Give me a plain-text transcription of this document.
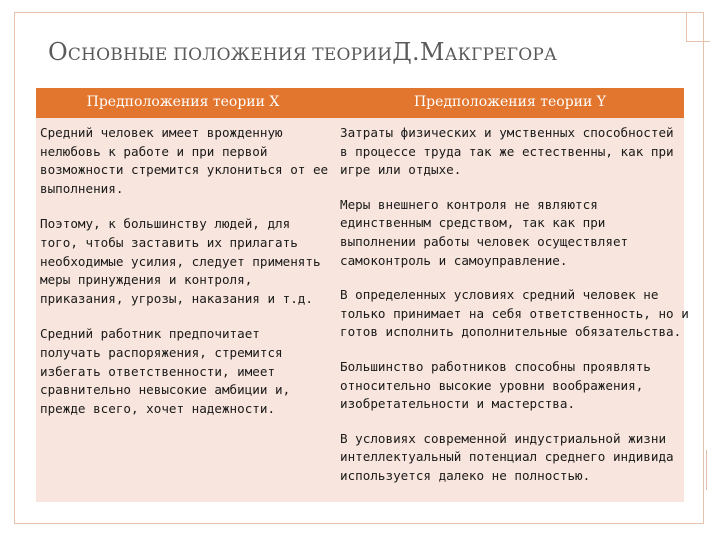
ОСНОВНЫЕ ПОЛОЖЕНИЯ ТЕОРИИД.МАКГРЕГОРА
Предположения теории X	Предположения теории Y

Средний человек имеет врожденную
нелюбовь к работе и при первой
возможности стремится уклониться от ее
выполнения.

Поэтому, к большинству людей, для
того, чтобы заставить их прилагать
необходимые усилия, следует применять
меры принуждения и контроля,
приказания, угрозы, наказания и т.д.

Средний работник предпочитает
получать распоряжения, стремится
избегать ответственности, имеет
сравнительно невысокие амбиции и,
прежде всего, хочет надежности.

Затраты физических и умственных способностей
в процессе труда так же естественны, как при
игре или отдыхе.

Меры внешнего контроля не являются
единственным средством, так как при
выполнении работы человек осуществляет
самоконтроль и самоуправление.

В определенных условиях средний человек не
только принимает на себя ответственность, но и
готов исполнить дополнительные обязательства.

Большинство работников способны проявлять
относительно высокие уровни воображения,
изобретательности и мастерства.

В условиях современной индустриальной жизни
интеллектуальный потенциал среднего индивида
используется далеко не полностью.
